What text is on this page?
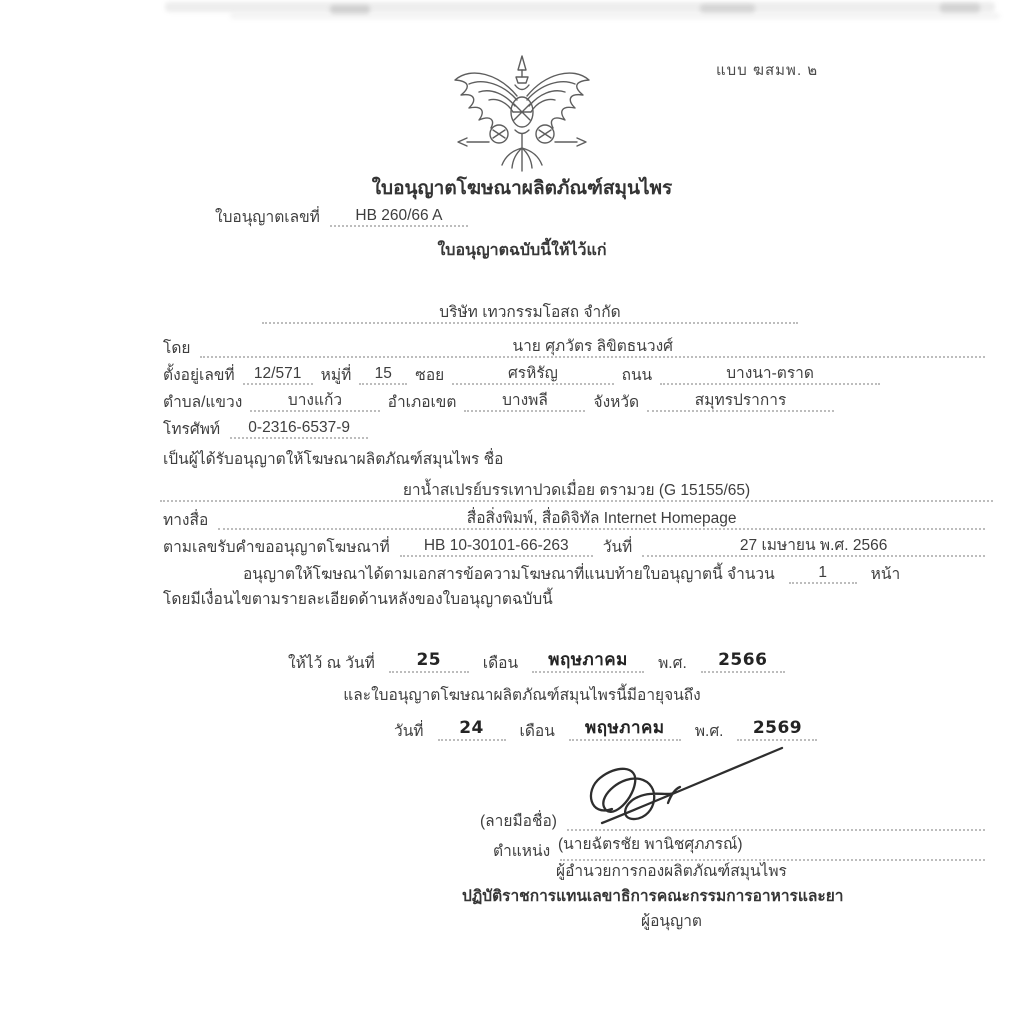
แบบ ฆสมพ. ๒
ใบอนุญาตโฆษณาผลิตภัณฑ์สมุนไพร
ใบอนุญาตเลขที่	HB 260/66 A
ใบอนุญาตฉบับนี้ให้ไว้แก่
บริษัท เทวกรรมโอสถ จำกัด
โดย	นาย ศุภวัตร ลิขิตธนวงศ์
ตั้งอยู่เลขที่	12/571	หมู่ที่	15	ซอย	ศรหิรัญ	ถนน	บางนา-ตราด
ตำบล/แขวง	บางแก้ว	อำเภอเขต	บางพลี	จังหวัด	สมุทรปราการ
โทรศัพท์	0-2316-6537-9
เป็นผู้ได้รับอนุญาตให้โฆษณาผลิตภัณฑ์สมุนไพร ชื่อ
ยาน้ำสเปรย์บรรเทาปวดเมื่อย ตรามวย (G 15155/65)
ทางสื่อ	สื่อสิ่งพิมพ์, สื่อดิจิทัล Internet Homepage
ตามเลขรับคำขออนุญาตโฆษณาที่	HB 10-30101-66-263	วันที่	27 เมษายน พ.ศ. 2566
อนุญาตให้โฆษณาได้ตามเอกสารข้อความโฆษณาที่แนบท้ายใบอนุญาตนี้ จำนวน	1	หน้า
โดยมีเงื่อนไขตามรายละเอียดด้านหลังของใบอนุญาตฉบับนี้
ให้ไว้ ณ วันที่	25	เดือน	พฤษภาคม	พ.ศ.	2566
และใบอนุญาตโฆษณาผลิตภัณฑ์สมุนไพรนี้มีอายุจนถึง
วันที่	24	เดือน	พฤษภาคม	พ.ศ.	2569
(ลายมือชื่อ)
(นายฉัตรชัย พานิชศุภภรณ์)
ตำแหน่ง
ผู้อำนวยการกองผลิตภัณฑ์สมุนไพร
ปฏิบัติราชการแทนเลขาธิการคณะกรรมการอาหารและยา
ผู้อนุญาต
